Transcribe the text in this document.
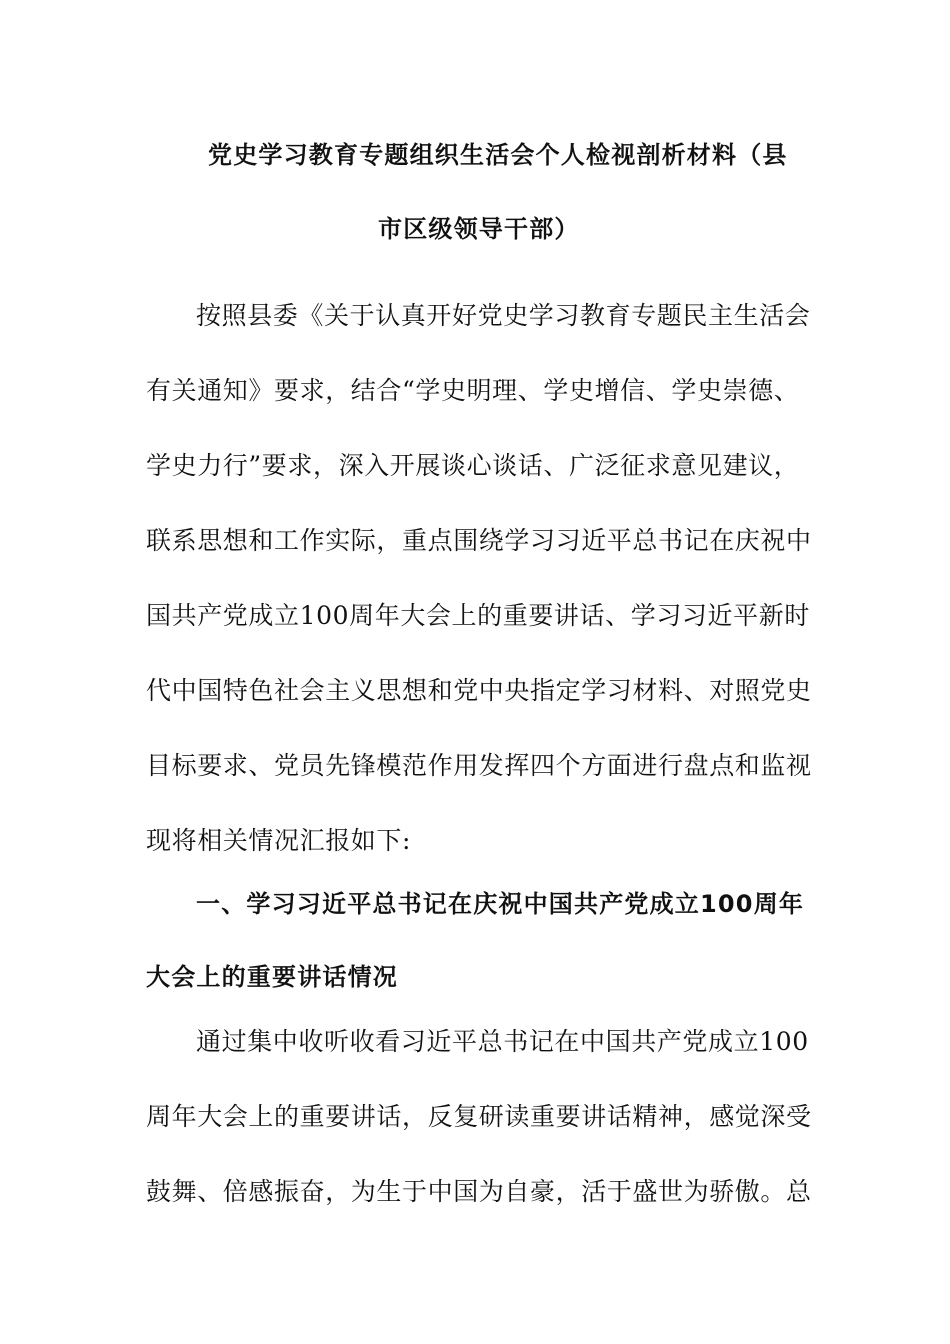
党史学习教育专题组织生活会个人检视剖析材料（县
市区级领导干部）
按照县委《关于认真开好党史学习教育专题民主生活会
有关通知》要求，结合“学史明理、学史增信、学史崇德、
学史力行”要求，深入开展谈心谈话、广泛征求意见建议，
联系思想和工作实际，重点围绕学习习近平总书记在庆祝中
国共产党成立100周年大会上的重要讲话、学习习近平新时
代中国特色社会主义思想和党中央指定学习材料、对照党史
目标要求、党员先锋模范作用发挥四个方面进行盘点和监视
现将相关情况汇报如下:
一、学习习近平总书记在庆祝中国共产党成立100周年
大会上的重要讲话情况
通过集中收听收看习近平总书记在中国共产党成立100
周年大会上的重要讲话，反复研读重要讲话精神，感觉深受
鼓舞、倍感振奋，为生于中国为自豪，活于盛世为骄傲。总
